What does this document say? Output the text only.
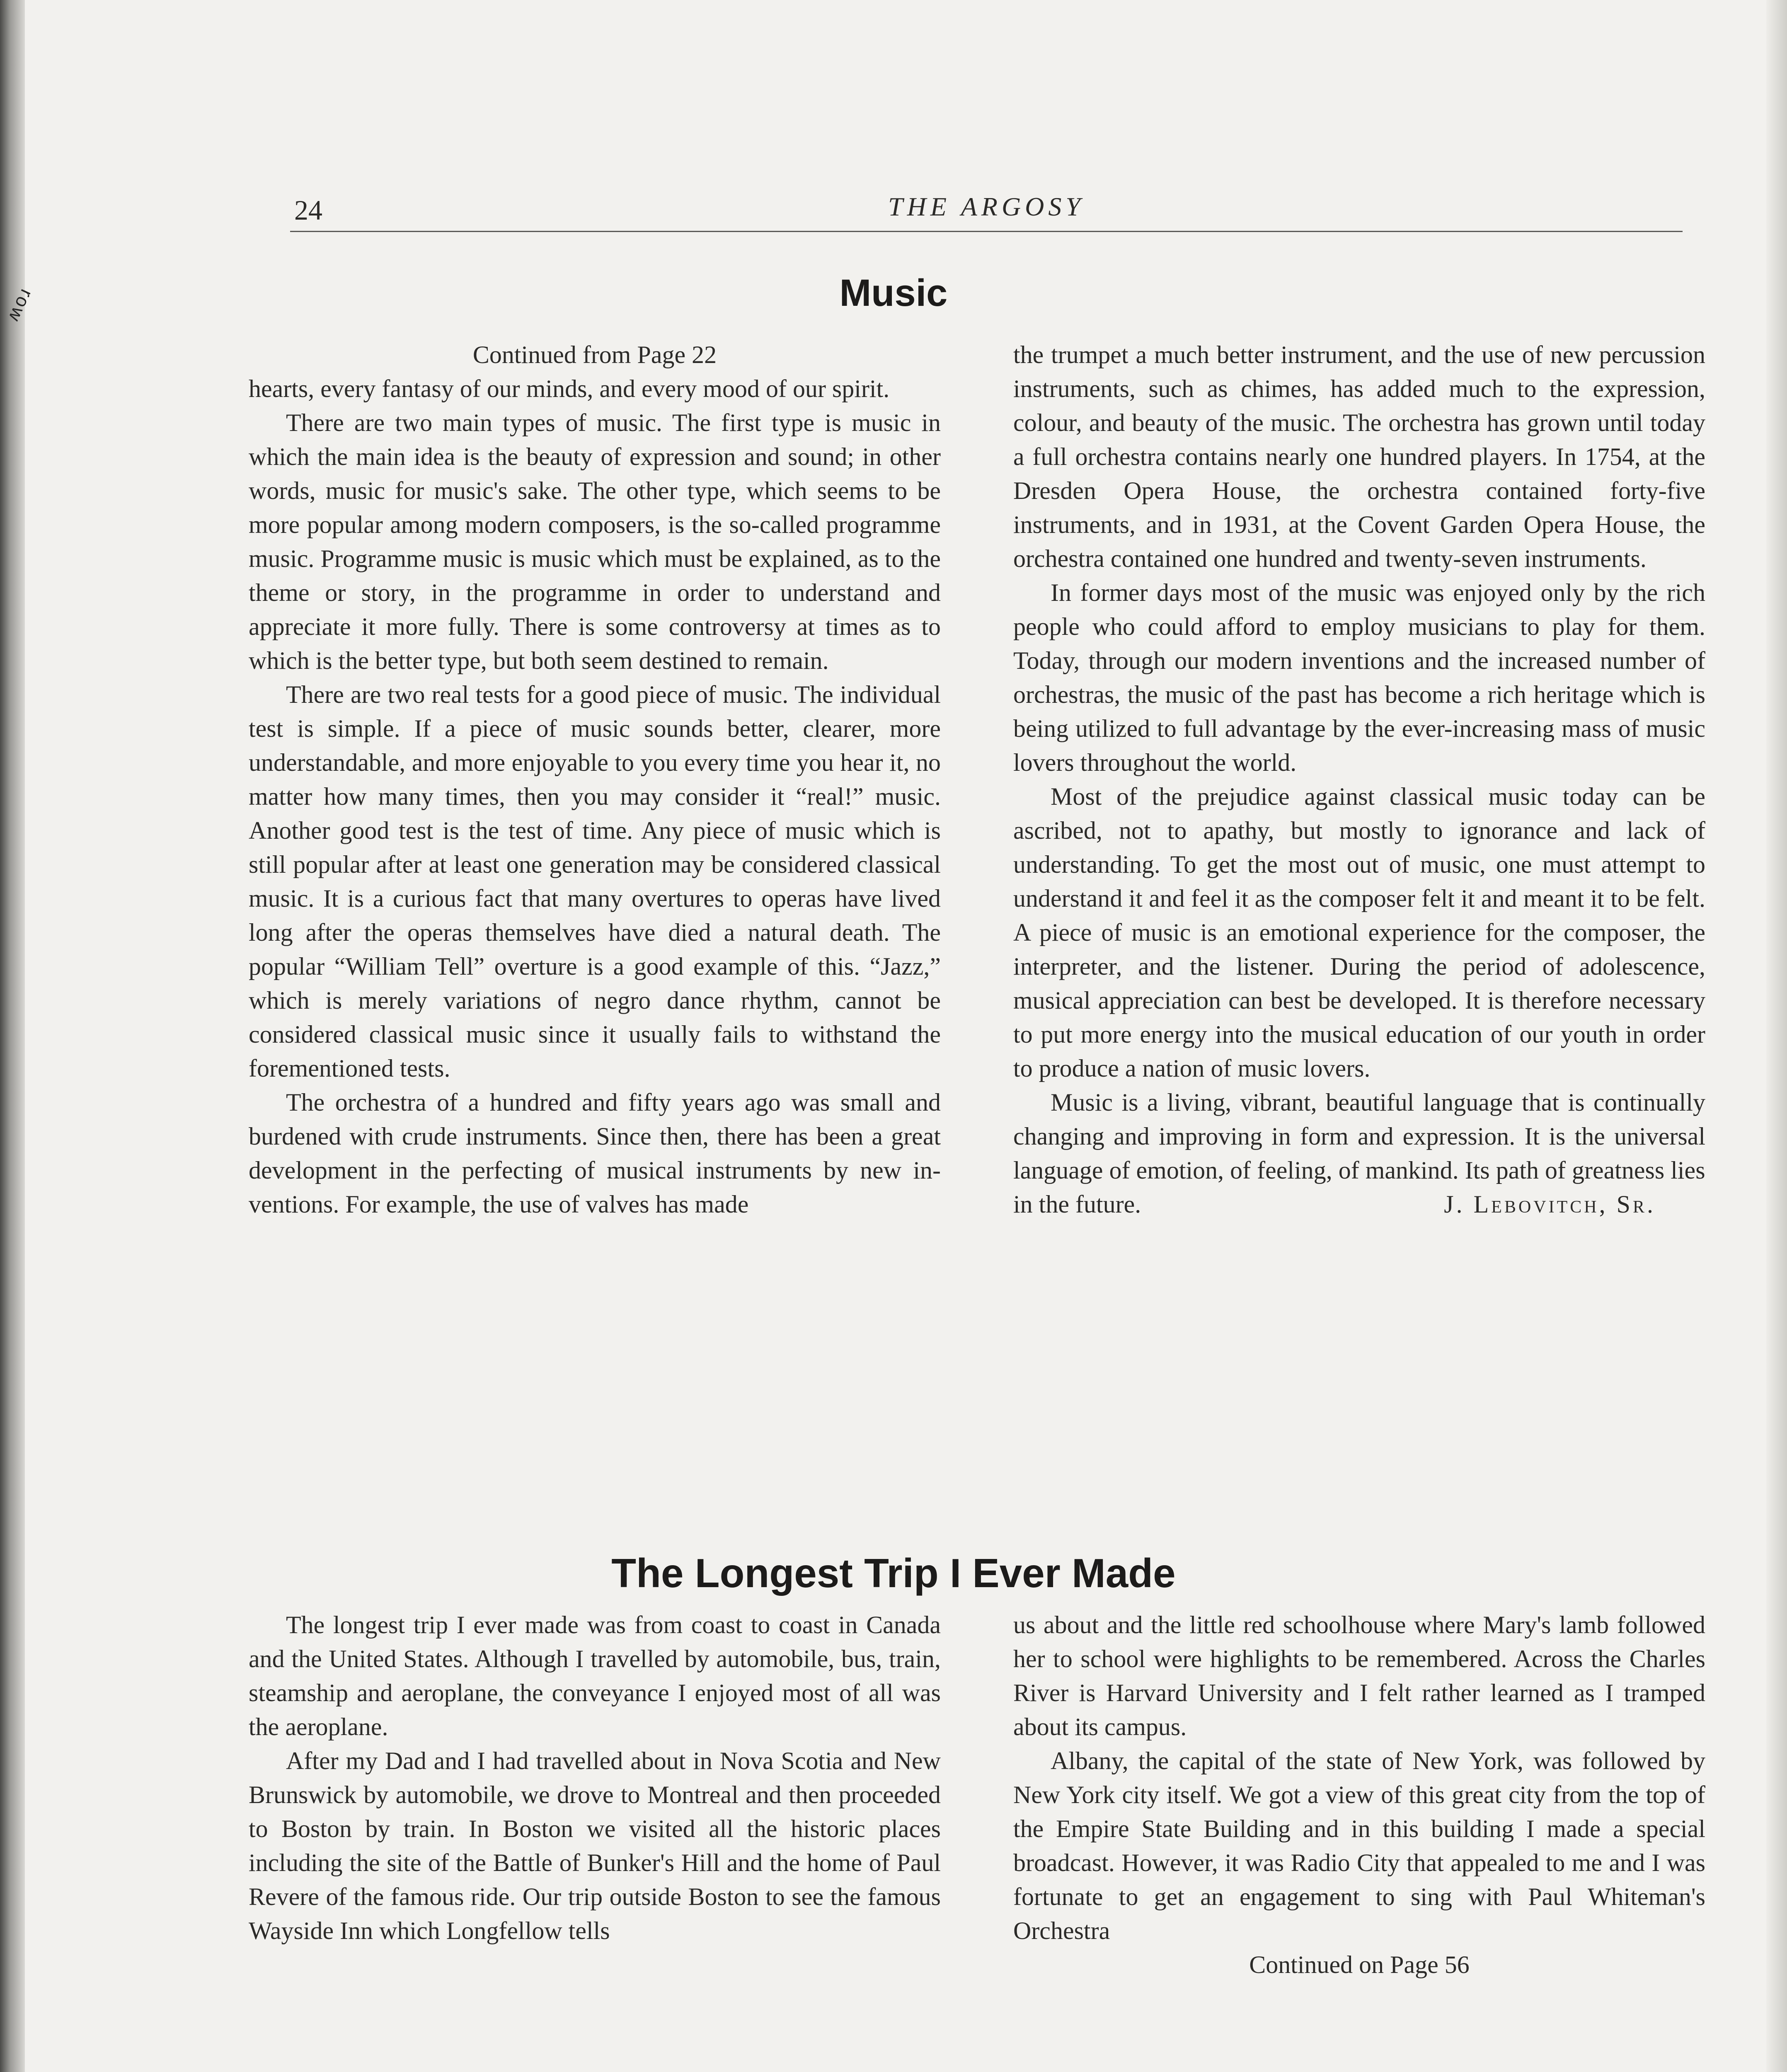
ʍoɹ
24	THE ARGOSY
Music
Continued from Page 22

hearts, every fantasy of our minds, and every mood of our spirit.

There are two main types of music. The first type is music in which the main idea is the beauty of expression and sound; in other words, music for music's sake. The other type, which seems to be more popular among modern composers, is the so-called programme music. Programme music is music which must be explained, as to the theme or story, in the programme in order to understand and appreciate it more fully. There is some controversy at times as to which is the better type, but both seem destined to remain.

There are two real tests for a good piece of music. The individual test is simple. If a piece of music sounds better, clearer, more understandable, and more enjoyable to you every time you hear it, no matter how many times, then you may consider it “real!” music. Another good test is the test of time. Any piece of music which is still popular after at least one generation may be considered classical music. It is a curious fact that many overtures to operas have lived long after the operas themselves have died a natural death. The popular “William Tell” overture is a good example of this. “Jazz,” which is merely variations of negro dance rhythm, cannot be considered classical music since it usually fails to withstand the forementioned tests.

The orchestra of a hundred and fifty years ago was small and burdened with crude instruments. Since then, there has been a great development in the perfecting of musical instruments by new inventions. For example, the use of valves has made

the trumpet a much better instrument, and the use of new percussion instruments, such as chimes, has added much to the expression, colour, and beauty of the music. The orchestra has grown until today a full orchestra contains nearly one hundred players. In 1754, at the Dresden Opera House, the orchestra contained forty-five instruments, and in 1931, at the Covent Garden Opera House, the orchestra contained one hundred and twenty-seven instruments.

In former days most of the music was enjoyed only by the rich people who could afford to employ musicians to play for them. Today, through our modern inventions and the increased number of orchestras, the music of the past has become a rich heritage which is being utilized to full advantage by the ever-increasing mass of music lovers throughout the world.

Most of the prejudice against classical music today can be ascribed, not to apathy, but mostly to ignorance and lack of understanding. To get the most out of music, one must attempt to understand it and feel it as the composer felt it and meant it to be felt. A piece of music is an emotional experience for the composer, the interpreter, and the listener. During the period of adolescence, musical appreciation can best be developed. It is therefore necessary to put more energy into the musical education of our youth in order to produce a nation of music lovers.

Music is a living, vibrant, beautiful language that is continually changing and improving in form and expression. It is the universal language of emotion, of feeling, of mankind. Its path of greatness lies

in the future.	J. Lebovitch, Sr.
The Longest Trip I Ever Made

The longest trip I ever made was from coast to coast in Canada and the United States. Although I travelled by automobile, bus, train, steamship and aeroplane, the conveyance I enjoyed most of all was the aeroplane.

After my Dad and I had travelled about in Nova Scotia and New Brunswick by automobile, we drove to Montreal and then proceeded to Boston by train. In Boston we visited all the historic places including the site of the Battle of Bunker's Hill and the home of Paul Revere of the famous ride. Our trip outside Boston to see the famous Wayside Inn which Longfellow tells

us about and the little red schoolhouse where Mary's lamb followed her to school were highlights to be remembered. Across the Charles River is Harvard University and I felt rather learned as I tramped about its campus.

Albany, the capital of the state of New York, was followed by New York city itself. We got a view of this great city from the top of the Empire State Building and in this building I made a special broadcast. However, it was Radio City that appealed to me and I was fortunate to get an engagement to sing with Paul Whiteman's Orchestra

Continued on Page 56
